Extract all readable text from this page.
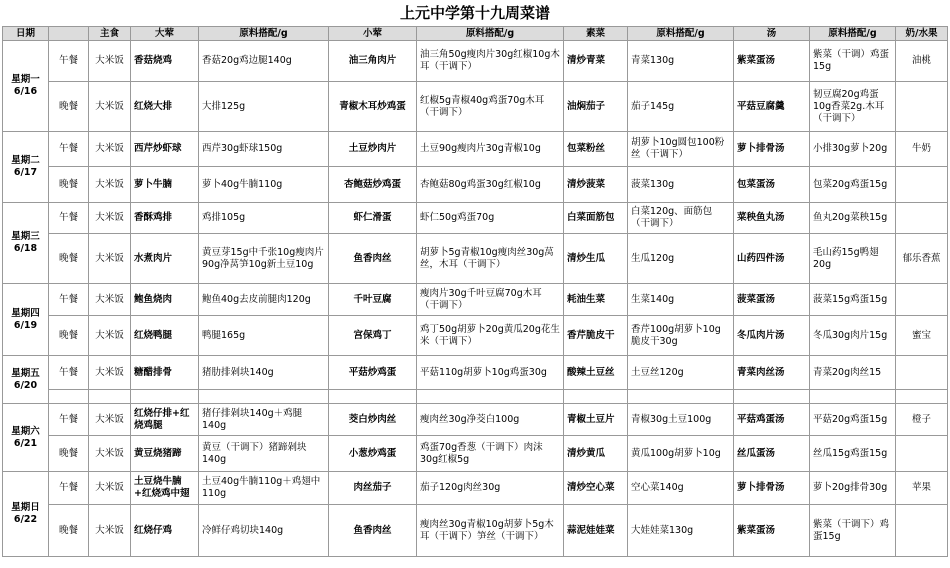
上元中学第十九周菜谱
日期		主食	大荤	原料搭配/g	小荤	原料搭配/g	素菜	原料搭配/g	汤	原料搭配/g	奶/水果

星期一
6/16	午餐	大米饭	香菇烧鸡	香菇20g鸡边腿140g	油三角肉片	油三角50g瘦肉片30g红椒10g木耳（干调下）	清炒青菜	青菜130g	紫菜蛋汤	紫菜（干调）鸡蛋15g	油桃
	晚餐	大米饭	红烧大排	大排125g	青椒木耳炒鸡蛋	红椒5g青椒40g鸡蛋70g木耳（干调下）	油焖茄子	茄子145g	平菇豆腐羹	韧豆腐20g鸡蛋10g香菜2g.木耳（干调下）	

星期二
6/17	午餐	大米饭	西芹炒虾球	西芹30g虾球150g	土豆炒肉片	土豆90g瘦肉片30g青椒10g	包菜粉丝	胡萝卜10g圆包100粉丝（干调下）	萝卜排骨汤	小排30g萝卜20g	牛奶
	晚餐	大米饭	萝卜牛腩	萝卜40g牛腩110g	杏鲍菇炒鸡蛋	杏鲍菇80g鸡蛋30g红椒10g	清炒菠菜	菠菜130g	包菜蛋汤	包菜20g鸡蛋15g	

星期三
6/18	午餐	大米饭	香酥鸡排	鸡排105g	虾仁滑蛋	虾仁50g鸡蛋70g	白菜面筋包	白菜120g、面筋包（干调下）	菜秧鱼丸汤	鱼丸20g菜秧15g	
	晚餐	大米饭	水煮肉片	黄豆芽15g中千张10g瘦肉片90g净莴笋10g新土豆10g	鱼香肉丝	胡萝卜5g青椒10g瘦肉丝30g莴丝，木耳（干调下）	清炒生瓜	生瓜120g	山药四件汤	毛山药15g鸭翅20g	郁乐香蕉

星期四
6/19	午餐	大米饭	鲍鱼烧肉	鲍鱼40g去皮前腿肉120g	千叶豆腐	瘦肉片30g千叶豆腐70g木耳（干调下）	耗油生菜	生菜140g	菠菜蛋汤	菠菜15g鸡蛋15g	
	晚餐	大米饭	红烧鸭腿	鸭腿165g	宫保鸡丁	鸡丁50g胡萝卜20g黄瓜20g花生米（干调下）	香芹脆皮干	香芹100g胡萝卜10g脆皮干30g	冬瓜肉片汤	冬瓜30g肉片15g	蜜宝

星期五
6/20	午餐	大米饭	糖醋排骨	猪肋排剁块140g	平菇炒鸡蛋	平菇110g胡萝卜10g鸡蛋30g	酸辣土豆丝	土豆丝120g	青菜肉丝汤	青菜20g肉丝15	

星期六
6/21	午餐	大米饭	红烧仔排+红烧鸡腿	猪仔排剁块140g＋鸡腿140g	茭白炒肉丝	瘦肉丝30g净茭白100g	青椒土豆片	青椒30g土豆100g	平菇鸡蛋汤	平菇20g鸡蛋15g	橙子
	晚餐	大米饭	黄豆烧猪蹄	黄豆（干调下）猪蹄剁块140g	小葱炒鸡蛋	鸡蛋70g香葱（干调下）肉沫30g红椒5g	清炒黄瓜	黄瓜100g胡萝卜10g	丝瓜蛋汤	丝瓜15g鸡蛋15g	

星期日
6/22	午餐	大米饭	土豆烧牛腩+红烧鸡中翅	土豆40g牛腩110g＋鸡翅中110g	肉丝茄子	茄子120g肉丝30g	清炒空心菜	空心菜140g	萝卜排骨汤	萝卜20g排骨30g	苹果
	晚餐	大米饭	红烧仔鸡	冷鲜仔鸡切块140g	鱼香肉丝	瘦肉丝30g青椒10g胡萝卜5g木耳（干调下）笋丝（干调下）	蒜泥娃娃菜	大娃娃菜130g	紫菜蛋汤	紫菜（干调下）鸡蛋15g	
